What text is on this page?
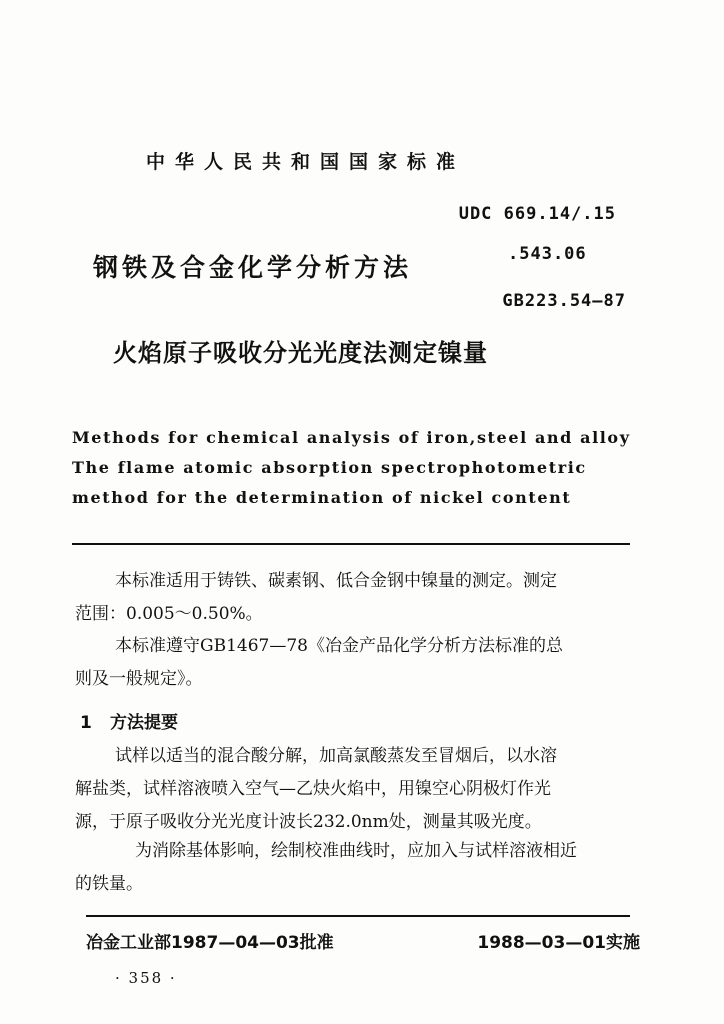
中华人民共和国国家标准
UDC 669.14/.15
.543.06
钢铁及合金化学分析方法
GB223.54—87
火焰原子吸收分光光度法测定镍量
Methods for chemical analysis of iron,steel and alloy
The flame atomic absorption spectrophotometric
method for the determination of nickel content
本标准适用于铸铁、碳素钢、低合金钢中镍量的测定。测定
范围：0.005～0.50%。
本标准遵守GB1467—78《冶金产品化学分析方法标准的总
则及一般规定》。
1 方法提要
试样以适当的混合酸分解，加高氯酸蒸发至冒烟后，以水溶
解盐类，试样溶液喷入空气—乙炔火焰中，用镍空心阴极灯作光
源，于原子吸收分光光度计波长232.0nm处，测量其吸光度。
为消除基体影响，绘制校准曲线时，应加入与试样溶液相近
的铁量。
冶金工业部1987—04—03批准	1988—03—01实施
· 358 ·
